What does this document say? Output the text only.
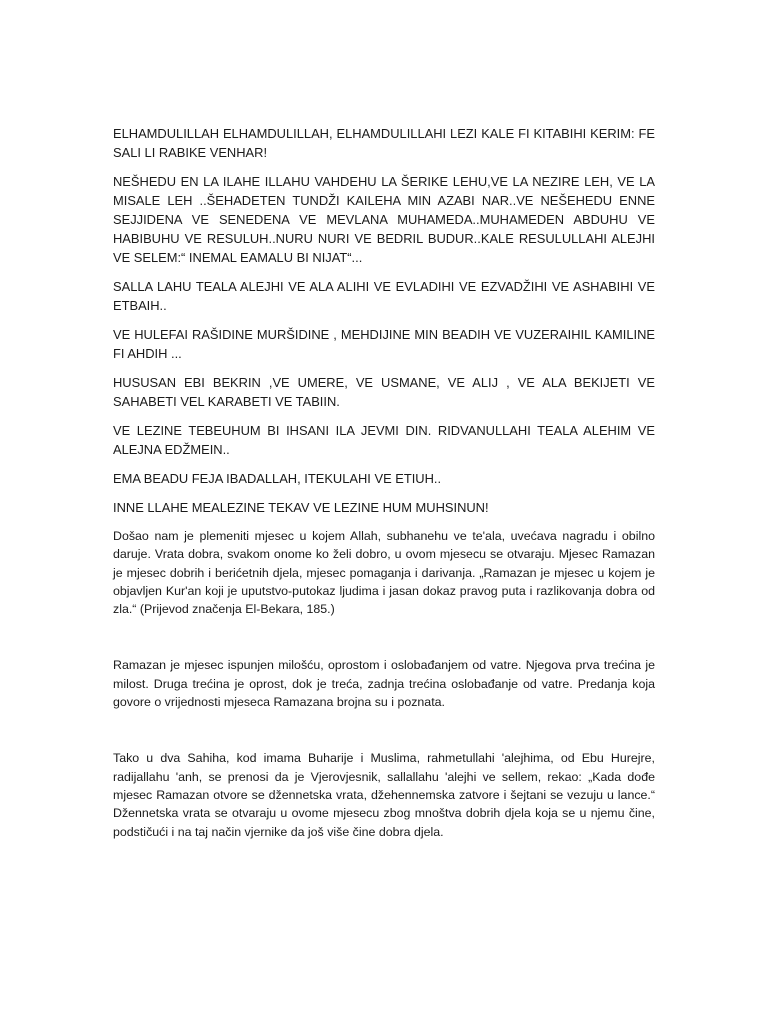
ELHAMDULILLAH ELHAMDULILLAH, ELHAMDULILLAHI LEZI KALE FI KITABIHI KERIM: FE SALI LI RABIKE VENHAR!

NEŠHEDU EN LA ILAHE ILLAHU VAHDEHU LA ŠERIKE LEHU,VE LA NEZIRE LEH, VE LA MISALE LEH ..ŠEHADETEN TUNDŽI KAILEHA MIN AZABI NAR..VE NEŠEHEDU ENNE SEJJIDENA VE SENEDENA VE MEVLANA MUHAMEDA..MUHAMEDEN ABDUHU VE HABIBUHU VE RESULUH..NURU NURI VE BEDRIL BUDUR..KALE RESULULLAHI ALEJHI VE SELEM:“ INEMAL EAMALU BI NIJAT“...

SALLA LAHU TEALA ALEJHI VE ALA ALIHI VE EVLADIHI VE EZVADŽIHI VE ASHABIHI VE ETBAIH..

VE HULEFAI RAŠIDINE MURŠIDINE , MEHDIJINE MIN BEADIH VE VUZERAIHIL KAMILINE FI AHDIH ...

HUSUSAN EBI BEKRIN ,VE UMERE, VE USMANE, VE ALIJ , VE ALA BEKIJETI VE SAHABETI VEL KARABETI VE TABIIN.

VE LEZINE TEBEUHUM BI IHSANI ILA JEVMI DIN. RIDVANULLAHI TEALA ALEHIM VE ALEJNA EDŽMEIN..

EMA BEADU FEJA IBADALLAH, ITEKULAHI VE ETIUH..

INNE LLAHE MEALEZINE TEKAV VE LEZINE HUM MUHSINUN!

Došao nam je plemeniti mjesec u kojem Allah, subhanehu ve te'ala, uvećava nagradu i obilno daruje. Vrata dobra, svakom onome ko želi dobro, u ovom mjesecu se otvaraju. Mjesec Ramazan je mjesec dobrih i berićetnih djela, mjesec pomaganja i darivanja. „Ramazan je mjesec u kojem je objavljen Kur'an koji je uputstvo-putokaz ljudima i jasan dokaz pravog puta i razlikovanja dobra od zla.“ (Prijevod značenja El-Bekara, 185.)

Ramazan je mjesec ispunjen milošću, oprostom i oslobađanjem od vatre. Njegova prva trećina je milost. Druga trećina je oprost, dok je treća, zadnja trećina oslobađanje od vatre. Predanja koja govore o vrijednosti mjeseca Ramazana brojna su i poznata.

Tako u dva Sahiha, kod imama Buharije i Muslima, rahmetullahi 'alejhima, od Ebu Hurejre, radijallahu 'anh, se prenosi da je Vjerovjesnik, sallallahu 'alejhi ve sellem, rekao: „Kada dođe mjesec Ramazan otvore se džennetska vrata, džehennemska zatvore i šejtani se vezuju u lance.“ Džennetska vrata se otvaraju u ovome mjesecu zbog mnoštva dobrih djela koja se u njemu čine, podstičući i na taj način vjernike da još više čine dobra djela.
